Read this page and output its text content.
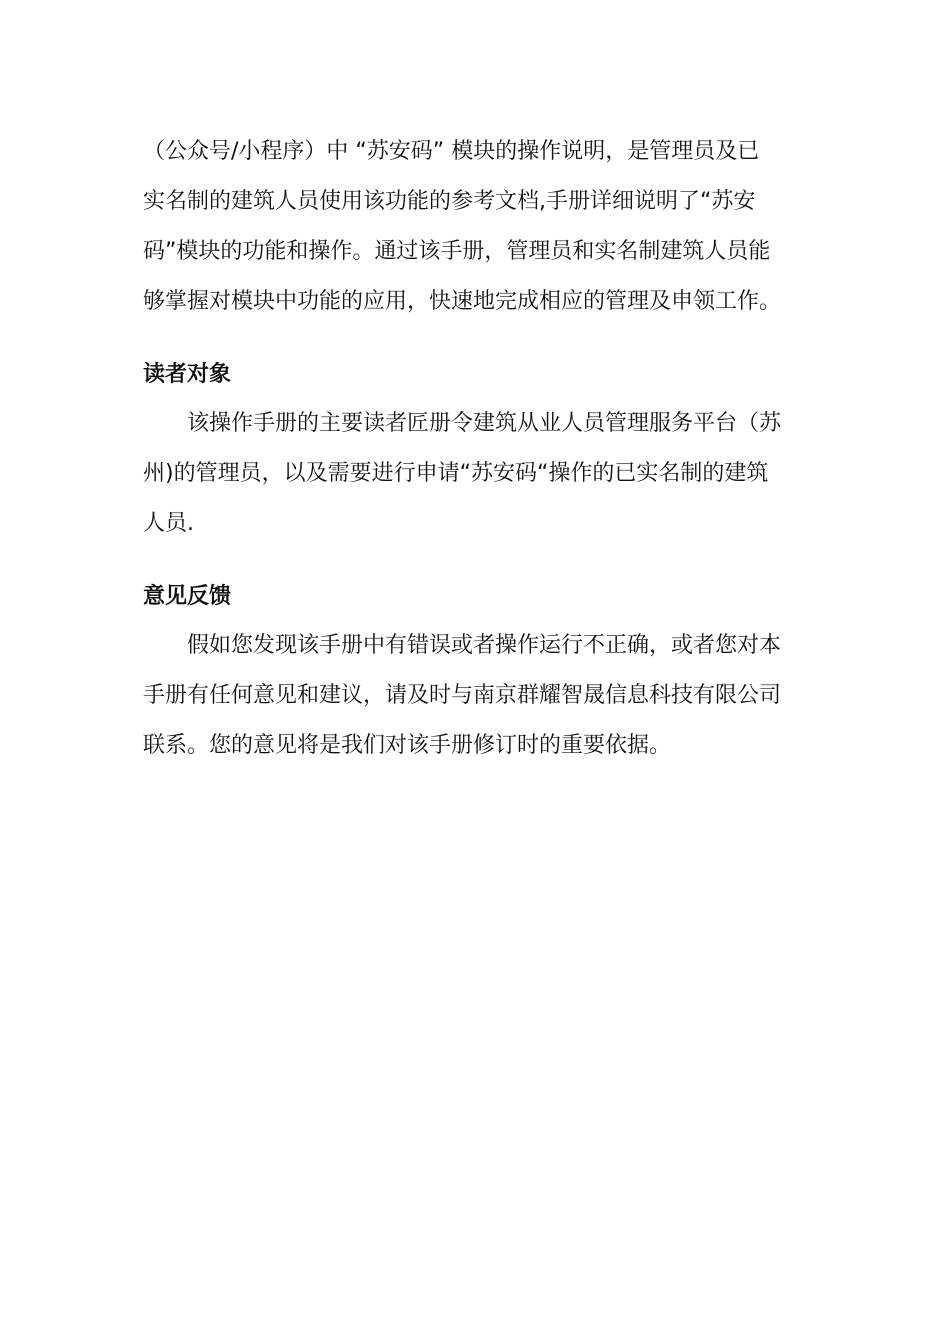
（公众号/小程序）中 “苏安码” 模块的操作说明，是管理员及已
实名制的建筑人员使用该功能的参考文档,手册详细说明了“苏安
码”模块的功能和操作。通过该手册，管理员和实名制建筑人员能
够掌握对模块中功能的应用，快速地完成相应的管理及申领工作。
读者对象
该操作手册的主要读者匠册令建筑从业人员管理服务平台（苏
州)的管理员，以及需要进行申请“苏安码“操作的已实名制的建筑
人员.
意见反馈
假如您发现该手册中有错误或者操作运行不正确，或者您对本
手册有任何意见和建议，请及时与南京群耀智晟信息科技有限公司
联系。您的意见将是我们对该手册修订时的重要依据。
